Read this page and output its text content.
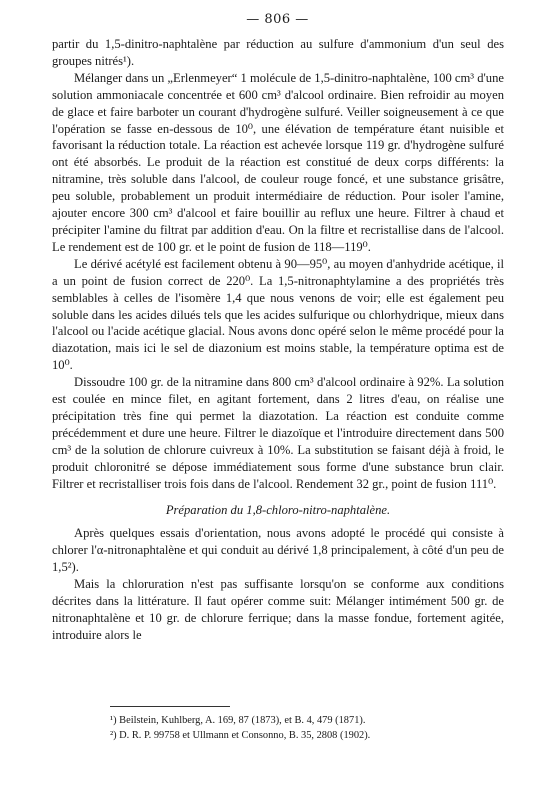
— 806 —

partir du 1,5-dinitro-naphtalène par réduction au sulfure d'ammonium d'un seul des groupes nitrés¹).

Mélanger dans un „Erlenmeyer“ 1 molécule de 1,5-dinitro-naphtalène, 100 cm³ d'une solution ammoniacale concentrée et 600 cm³ d'alcool ordinaire. Bien refroidir au moyen de glace et faire barboter un courant d'hydrogène sulfuré. Veiller soigneusement à ce que l'opération se fasse en-dessous de 10⁰, une élévation de température étant nuisible et favorisant la réduction totale. La réaction est achevée lorsque 119 gr. d'hydrogène sulfuré ont été absorbés. Le produit de la réaction est constitué de deux corps différents: la nitramine, très soluble dans l'alcool, de couleur rouge foncé, et une substance grisâtre, peu soluble, probablement un produit intermédiaire de réduction. Pour isoler l'amine, ajouter encore 300 cm³ d'alcool et faire bouillir au reflux une heure. Filtrer à chaud et précipiter l'amine du filtrat par addition d'eau. On la filtre et recristallise dans de l'alcool. Le rendement est de 100 gr. et le point de fusion de 118—119⁰.

Le dérivé acétylé est facilement obtenu à 90—95⁰, au moyen d'anhydride acétique, il a un point de fusion correct de 220⁰. La 1,5-nitronaphtylamine a des propriétés très semblables à celles de l'isomère 1,4 que nous venons de voir; elle est également peu soluble dans les acides dilués tels que les acides sulfurique ou chlorhydrique, mieux dans l'alcool ou l'acide acétique glacial. Nous avons donc opéré selon le même procédé pour la diazotation, mais ici le sel de diazonium est moins stable, la température optima est de 10⁰.

Dissoudre 100 gr. de la nitramine dans 800 cm³ d'alcool ordinaire à 92%. La solution est coulée en mince filet, en agitant fortement, dans 2 litres d'eau, on réalise une précipitation très fine qui permet la diazotation. La réaction est conduite comme précédemment et dure une heure. Filtrer le diazoïque et l'introduire directement dans 500 cm³ de la solution de chlorure cuivreux à 10%. La substitution se faisant déjà à froid, le produit chloronitré se dépose immédiatement sous forme d'une substance brun clair. Filtrer et recristalliser trois fois dans de l'alcool. Rendement 32 gr., point de fusion 111⁰.

Préparation du 1,8-chloro-nitro-naphtalène.

Après quelques essais d'orientation, nous avons adopté le procédé qui consiste à chlorer l'α-nitronaphtalène et qui conduit au dérivé 1,8 principalement, à côté d'un peu de 1,5²).

Mais la chloruration n'est pas suffisante lorsqu'on se conforme aux conditions décrites dans la littérature. Il faut opérer comme suit: Mélanger intimément 500 gr. de nitronaphtalène et 10 gr. de chlorure ferrique; dans la masse fondue, fortement agitée, introduire alors le

¹) Beilstein, Kuhlberg, A. 169, 87 (1873), et B. 4, 479 (1871).

²) D. R. P. 99758 et Ullmann et Consonno, B. 35, 2808 (1902).
